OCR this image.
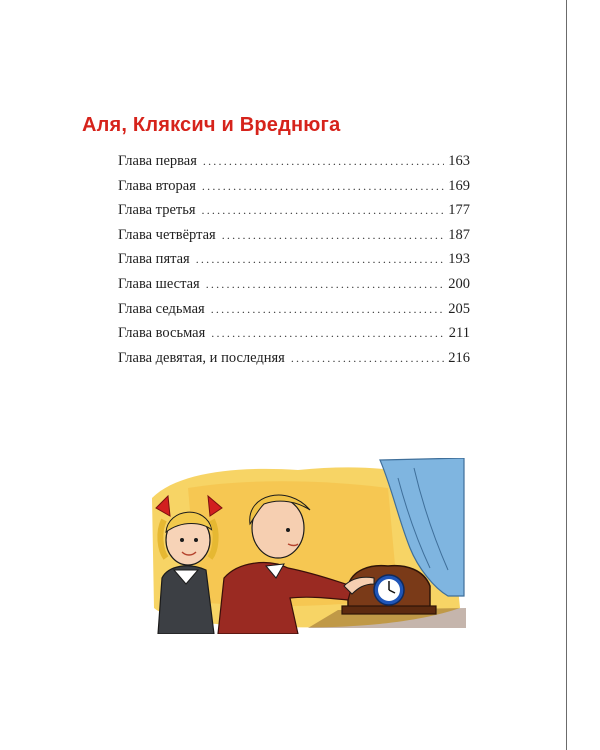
Аля, Кляксич и Вреднюга
Глава первая .....	163
Глава вторая .....	169
Глава третья .....	177
Глава четвёртая .....	187
Глава пятая .....	193
Глава шестая .....	200
Глава седьмая .....	205
Глава восьмая .....	211
Глава девятая, и последняя .....	216
